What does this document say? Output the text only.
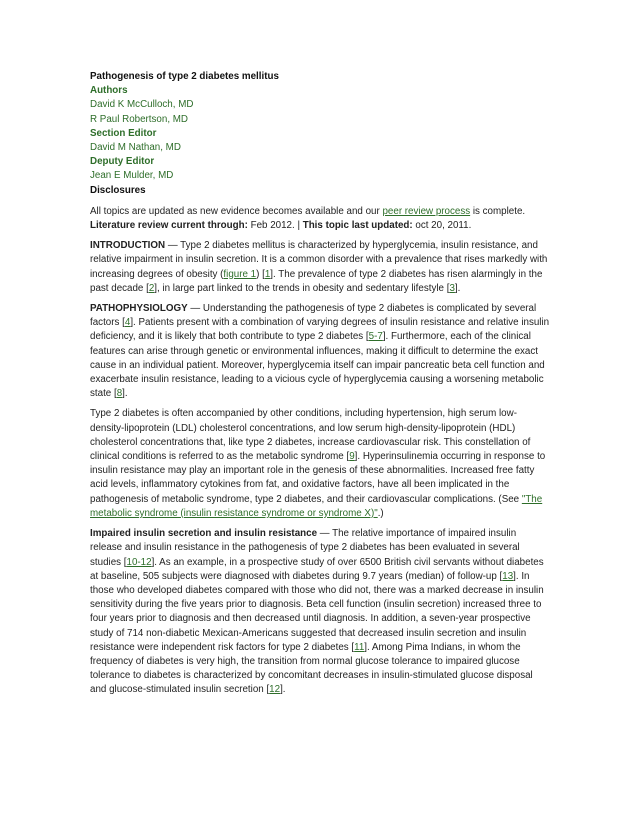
Pathogenesis of type 2 diabetes mellitus
Authors
David K McCulloch, MD
R Paul Robertson, MD
Section Editor
David M Nathan, MD
Deputy Editor
Jean E Mulder, MD
Disclosures

All topics are updated as new evidence becomes available and our peer review process is complete.
Literature review current through: Feb 2012. | This topic last updated: oct 20, 2011.

INTRODUCTION — Type 2 diabetes mellitus is characterized by hyperglycemia, insulin resistance, and relative impairment in insulin secretion. It is a common disorder with a prevalence that rises markedly with increasing degrees of obesity (figure 1) [1]. The prevalence of type 2 diabetes has risen alarmingly in the past decade [2], in large part linked to the trends in obesity and sedentary lifestyle [3].

PATHOPHYSIOLOGY — Understanding the pathogenesis of type 2 diabetes is complicated by several factors [4]. Patients present with a combination of varying degrees of insulin resistance and relative insulin deficiency, and it is likely that both contribute to type 2 diabetes [5-7]. Furthermore, each of the clinical features can arise through genetic or environmental influences, making it difficult to determine the exact cause in an individual patient. Moreover, hyperglycemia itself can impair pancreatic beta cell function and exacerbate insulin resistance, leading to a vicious cycle of hyperglycemia causing a worsening metabolic state [8].

Type 2 diabetes is often accompanied by other conditions, including hypertension, high serum low-density-lipoprotein (LDL) cholesterol concentrations, and low serum high-density-lipoprotein (HDL) cholesterol concentrations that, like type 2 diabetes, increase cardiovascular risk. This constellation of clinical conditions is referred to as the metabolic syndrome [9]. Hyperinsulinemia occurring in response to insulin resistance may play an important role in the genesis of these abnormalities. Increased free fatty acid levels, inflammatory cytokines from fat, and oxidative factors, have all been implicated in the pathogenesis of metabolic syndrome, type 2 diabetes, and their cardiovascular complications. (See "The metabolic syndrome (insulin resistance syndrome or syndrome X)".)

Impaired insulin secretion and insulin resistance — The relative importance of impaired insulin release and insulin resistance in the pathogenesis of type 2 diabetes has been evaluated in several studies [10-12]. As an example, in a prospective study of over 6500 British civil servants without diabetes at baseline, 505 subjects were diagnosed with diabetes during 9.7 years (median) of follow-up [13]. In those who developed diabetes compared with those who did not, there was a marked decrease in insulin sensitivity during the five years prior to diagnosis. Beta cell function (insulin secretion) increased three to four years prior to diagnosis and then decreased until diagnosis. In addition, a seven-year prospective study of 714 non-diabetic Mexican-Americans suggested that decreased insulin secretion and insulin resistance were independent risk factors for type 2 diabetes [11]. Among Pima Indians, in whom the frequency of diabetes is very high, the transition from normal glucose tolerance to impaired glucose tolerance to diabetes is characterized by concomitant decreases in insulin-stimulated glucose disposal and glucose-stimulated insulin secretion [12].
